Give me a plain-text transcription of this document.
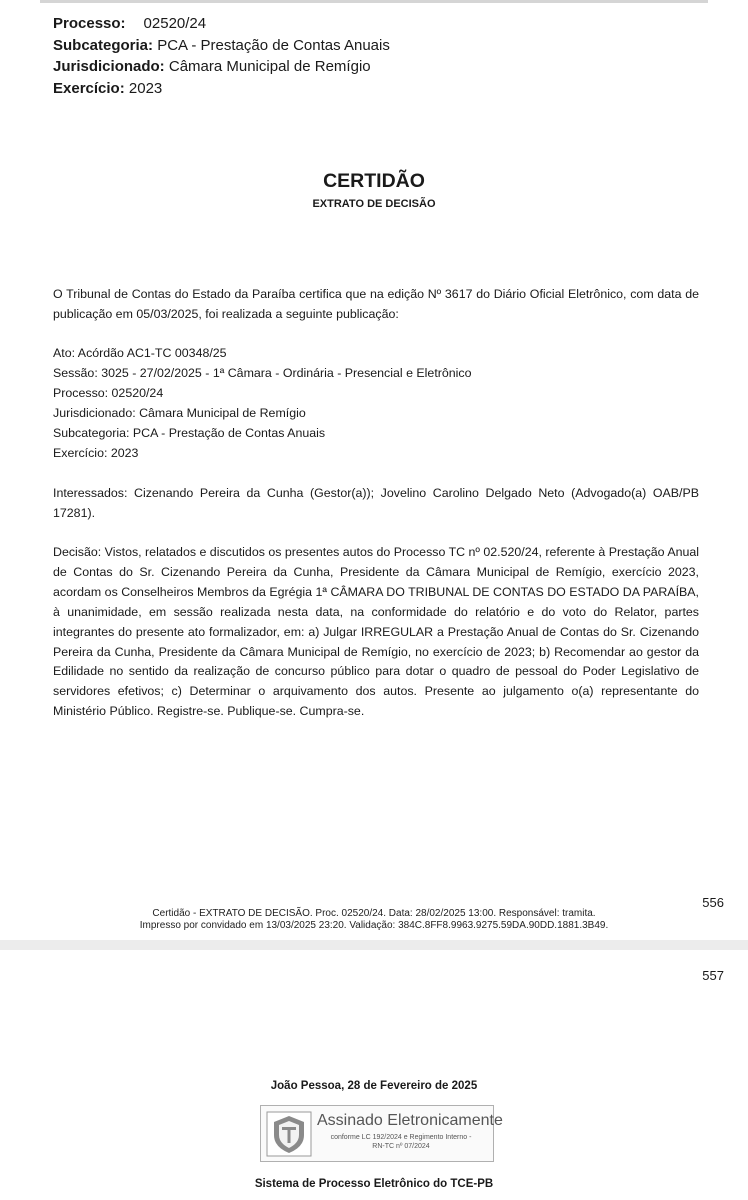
Processo: 02520/24
Subcategoria: PCA - Prestação de Contas Anuais
Jurisdicionado: Câmara Municipal de Remígio
Exercício: 2023
CERTIDÃO
EXTRATO DE DECISÃO
O Tribunal de Contas do Estado da Paraíba certifica que na edição Nº 3617 do Diário Oficial Eletrônico, com data de publicação em 05/03/2025, foi realizada a seguinte publicação:
Ato: Acórdão AC1-TC 00348/25
Sessão: 3025 - 27/02/2025 - 1ª Câmara - Ordinária - Presencial e Eletrônico
Processo: 02520/24
Jurisdicionado: Câmara Municipal de Remígio
Subcategoria: PCA - Prestação de Contas Anuais
Exercício: 2023
Interessados: Cizenando Pereira da Cunha (Gestor(a)); Jovelino Carolino Delgado Neto (Advogado(a) OAB/PB 17281).
Decisão: Vistos, relatados e discutidos os presentes autos do Processo TC nº 02.520/24, referente à Prestação Anual de Contas do Sr. Cizenando Pereira da Cunha, Presidente da Câmara Municipal de Remígio, exercício 2023, acordam os Conselheiros Membros da Egrégia 1ª CÂMARA DO TRIBUNAL DE CONTAS DO ESTADO DA PARAÍBA, à unanimidade, em sessão realizada nesta data, na conformidade do relatório e do voto do Relator, partes integrantes do presente ato formalizador, em: a) Julgar IRREGULAR a Prestação Anual de Contas do Sr. Cizenando Pereira da Cunha, Presidente da Câmara Municipal de Remígio, no exercício de 2023; b) Recomendar ao gestor da Edilidade no sentido da realização de concurso público para dotar o quadro de pessoal do Poder Legislativo de servidores efetivos; c) Determinar o arquivamento dos autos. Presente ao julgamento o(a) representante do Ministério Público. Registre-se. Publique-se. Cumpra-se.
556
Certidão - EXTRATO DE DECISÃO. Proc. 02520/24. Data: 28/02/2025 13:00. Responsável: tramita.
Impresso por convidado em 13/03/2025 23:20. Validação: 384C.8FF8.9963.9275.59DA.90DD.1881.3B49.
557
João Pessoa, 28 de Fevereiro de 2025
Assinado Eletronicamente
conforme LC 192/2024 e Regimento Interno -
RN-TC nº 07/2024
Sistema de Processo Eletrônico do TCE-PB
